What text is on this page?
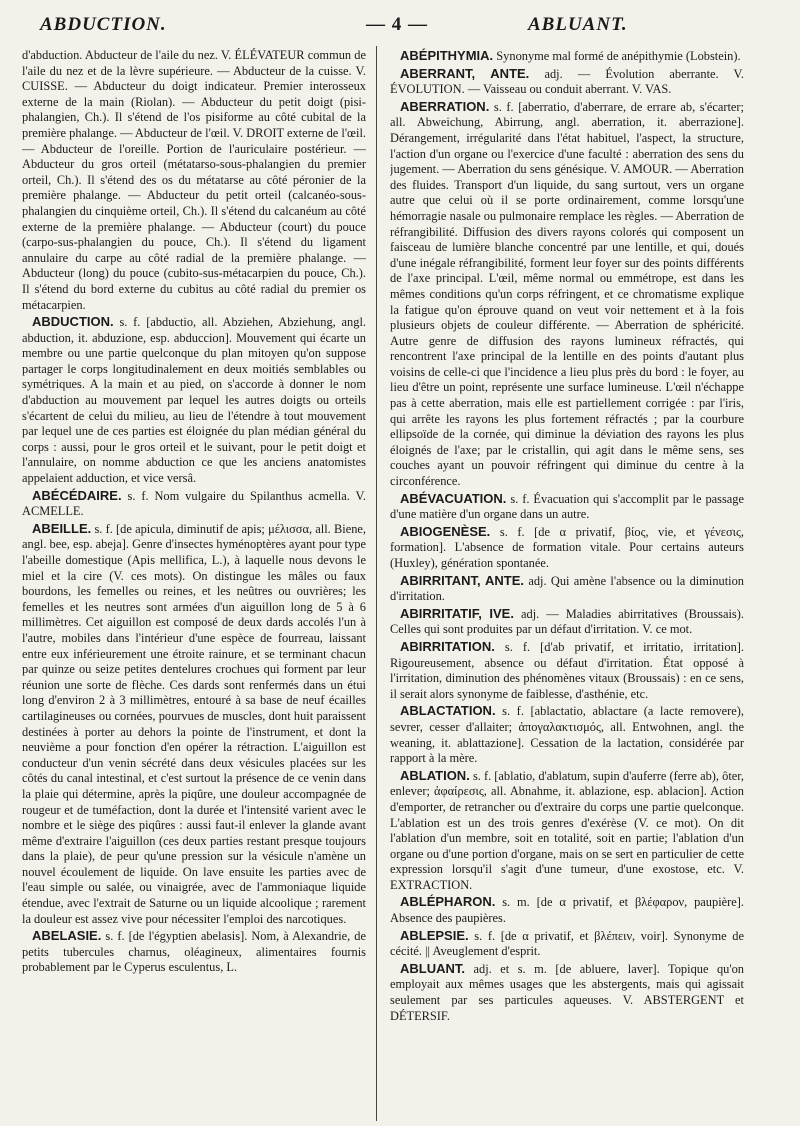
ABDUCTION.	— 4 —	ABLUANT.

d'abduction. Abducteur de l'aile du nez. V. ÉLÉVATEUR commun de l'aile du nez et de la lèvre supérieure. — Abducteur de la cuisse. V. CUISSE. — Abducteur du doigt indicateur. Premier interosseux externe de la main (Riolan). — Abducteur du petit doigt (pisi-phalangien, Ch.). Il s'étend de l'os pisiforme au côté cubital de la première phalange. — Abducteur de l'œil. V. DROIT externe de l'œil. — Abducteur de l'oreille. Portion de l'auriculaire postérieur. — Abducteur du gros orteil (métatarso-sous-phalangien du premier orteil, Ch.). Il s'étend des os du métatarse au côté péronier de la première phalange. — Abducteur du petit orteil (calcanéo-sous-phalangien du cinquième orteil, Ch.). Il s'étend du calcanéum au côté externe de la première phalange. — Abducteur (court) du pouce (carpo-sus-phalangien du pouce, Ch.). Il s'étend du ligament annulaire du carpe au côté radial de la première phalange. — Abducteur (long) du pouce (cubito-sus-métacarpien du pouce, Ch.). Il s'étend du bord externe du cubitus au côté radial du premier os métacarpien.

ABDUCTION. s. f. [abductio, all. Abziehen, Abziehung, angl. abduction, it. abduzione, esp. abduccion]. Mouvement qui écarte un membre ou une partie quelconque du plan mitoyen qu'on suppose partager le corps longitudinalement en deux moitiés semblables ou symétriques. A la main et au pied, on s'accorde à donner le nom d'abduction au mouvement par lequel les autres doigts ou orteils s'écartent de celui du milieu, au lieu de l'étendre à tout mouvement par lequel une de ces parties est éloignée du plan médian général du corps : aussi, pour le gros orteil et le suivant, pour le petit doigt et l'annulaire, on nomme abduction ce que les anciens anatomistes appelaient adduction, et vice versâ.

ABÉCÉDAIRE. s. f. Nom vulgaire du Spilanthus acmella. V. ACMELLE.

ABEILLE. s. f. [de apicula, diminutif de apis; μέλισσα, all. Biene, angl. bee, esp. abeja]. Genre d'insectes hyménoptères ayant pour type l'abeille domestique (Apis mellifica, L.), à laquelle nous devons le miel et la cire (V. ces mots). On distingue les mâles ou faux bourdons, les femelles ou reines, et les neûtres ou ouvrières; les femelles et les neutres sont armées d'un aiguillon long de 5 à 6 millimètres. Cet aiguillon est composé de deux dards accolés l'un à l'autre, mobiles dans l'intérieur d'une espèce de fourreau, laissant entre eux inférieurement une étroite rainure, et se terminant chacun par quinze ou seize petites dentelures crochues qui forment par leur réunion une sorte de flèche. Ces dards sont renfermés dans un étui long d'environ 2 à 3 millimètres, entouré à sa base de neuf écailles cartilagineuses ou cornées, pourvues de muscles, dont huit paraissent destinées à porter au dehors la pointe de l'instrument, et dont la neuvième a pour fonction d'en opérer la rétraction. L'aiguillon est conducteur d'un venin sécrété dans deux vésicules placées sur les côtés du canal intestinal, et c'est surtout la présence de ce venin dans la plaie qui détermine, après la piqûre, une douleur accompagnée de rougeur et de tuméfaction, dont la durée et l'intensité varient avec le nombre et le siège des piqûres : aussi faut-il enlever la glande avant même d'extraire l'aiguillon (ces deux parties restant presque toujours dans la plaie), de peur qu'une pression sur la vésicule n'amène un nouvel écoulement de liquide. On lave ensuite les parties avec de l'eau simple ou salée, ou vinaigrée, avec de l'ammoniaque liquide étendue, avec l'extrait de Saturne ou un liquide alcoolique ; rarement la douleur est assez vive pour nécessiter l'emploi des narcotiques.

ABELASIE. s. f. [de l'égyptien abelasis]. Nom, à Alexandrie, de petits tubercules charnus, oléagineux, alimentaires fournis probablement par le Cyperus esculentus, L.

ABÉPITHYMIA. Synonyme mal formé de anépithymie (Lobstein).

ABERRANT, ANTE. adj. — Évolution aberrante. V. ÉVOLUTION. — Vaisseau ou conduit aberrant. V. VAS.

ABERRATION. s. f. [aberratio, d'aberrare, de errare ab, s'écarter; all. Abweichung, Abirrung, angl. aberration, it. aberrazione]. Dérangement, irrégularité dans l'état habituel, l'aspect, la structure, l'action d'un organe ou l'exercice d'une faculté : aberration des sens du jugement. — Aberration du sens génésique. V. AMOUR. — Aberration des fluides. Transport d'un liquide, du sang surtout, vers un organe autre que celui où il se porte ordinairement, comme lorsqu'une hémorragie nasale ou pulmonaire remplace les règles. — Aberration de réfrangibilité. Diffusion des divers rayons colorés qui composent un faisceau de lumière blanche concentré par une lentille, et qui, doués d'une inégale réfrangibilité, forment leur foyer sur des points différents de l'axe principal. L'œil, même normal ou emmétrope, est dans les mêmes conditions qu'un corps réfringent, et ce chromatisme explique la fatigue qu'on éprouve quand on veut voir nettement et à la fois plusieurs objets de couleur différente. — Aberration de sphéricité. Autre genre de diffusion des rayons lumineux réfractés, qui rencontrent l'axe principal de la lentille en des points d'autant plus voisins de celle-ci que l'incidence a lieu plus près du bord : le foyer, au lieu d'être un point, représente une surface lumineuse. L'œil n'échappe pas à cette aberration, mais elle est partiellement corrigée : par l'iris, qui arrête les rayons les plus fortement réfractés ; par la courbure ellipsoïde de la cornée, qui diminue la déviation des rayons les plus éloignés de l'axe; par le cristallin, qui agit dans le même sens, ses couches ayant un pouvoir réfringent qui diminue du centre à la circonférence.

ABÉVACUATION. s. f. Évacuation qui s'accomplit par le passage d'une matière d'un organe dans un autre.

ABIOGENÈSE. s. f. [de α privatif, βίος, vie, et γένεσις, formation]. L'absence de formation vitale. Pour certains auteurs (Huxley), génération spontanée.

ABIRRITANT, ANTE. adj. Qui amène l'absence ou la diminution d'irritation.

ABIRRITATIF, IVE. adj. — Maladies abirritatives (Broussais). Celles qui sont produites par un défaut d'irritation. V. ce mot.

ABIRRITATION. s. f. [d'ab privatif, et irritatio, irritation]. Rigoureusement, absence ou défaut d'irritation. État opposé à l'irritation, diminution des phénomènes vitaux (Broussais) : en ce sens, il serait alors synonyme de faiblesse, d'asthénie, etc.

ABLACTATION. s. f. [ablactatio, ablactare (a lacte removere), sevrer, cesser d'allaiter; ἀπογαλακτισμός, all. Entwohnen, angl. the weaning, it. ablattazione]. Cessation de la lactation, considérée par rapport à la mère.

ABLATION. s. f. [ablatio, d'ablatum, supin d'auferre (ferre ab), ôter, enlever; ἀφαίρεσις, all. Abnahme, it. ablazione, esp. ablacion]. Action d'emporter, de retrancher ou d'extraire du corps une partie quelconque. L'ablation est un des trois genres d'exérèse (V. ce mot). On dit l'ablation d'un membre, soit en totalité, soit en partie; l'ablation d'un organe ou d'une portion d'organe, mais on se sert en particulier de cette expression lorsqu'il s'agit d'une tumeur, d'une exostose, etc. V. EXTRACTION.

ABLÉPHARON. s. m. [de α privatif, et βλέφαρον, paupière]. Absence des paupières.

ABLEPSIE. s. f. [de α privatif, et βλέπειν, voir]. Synonyme de cécité. || Aveuglement d'esprit.

ABLUANT. adj. et s. m. [de abluere, laver]. Topique qu'on employait aux mêmes usages que les abstergents, mais qui agissait seulement par ses particules aqueuses. V. ABSTERGENT et DÉTERSIF.
